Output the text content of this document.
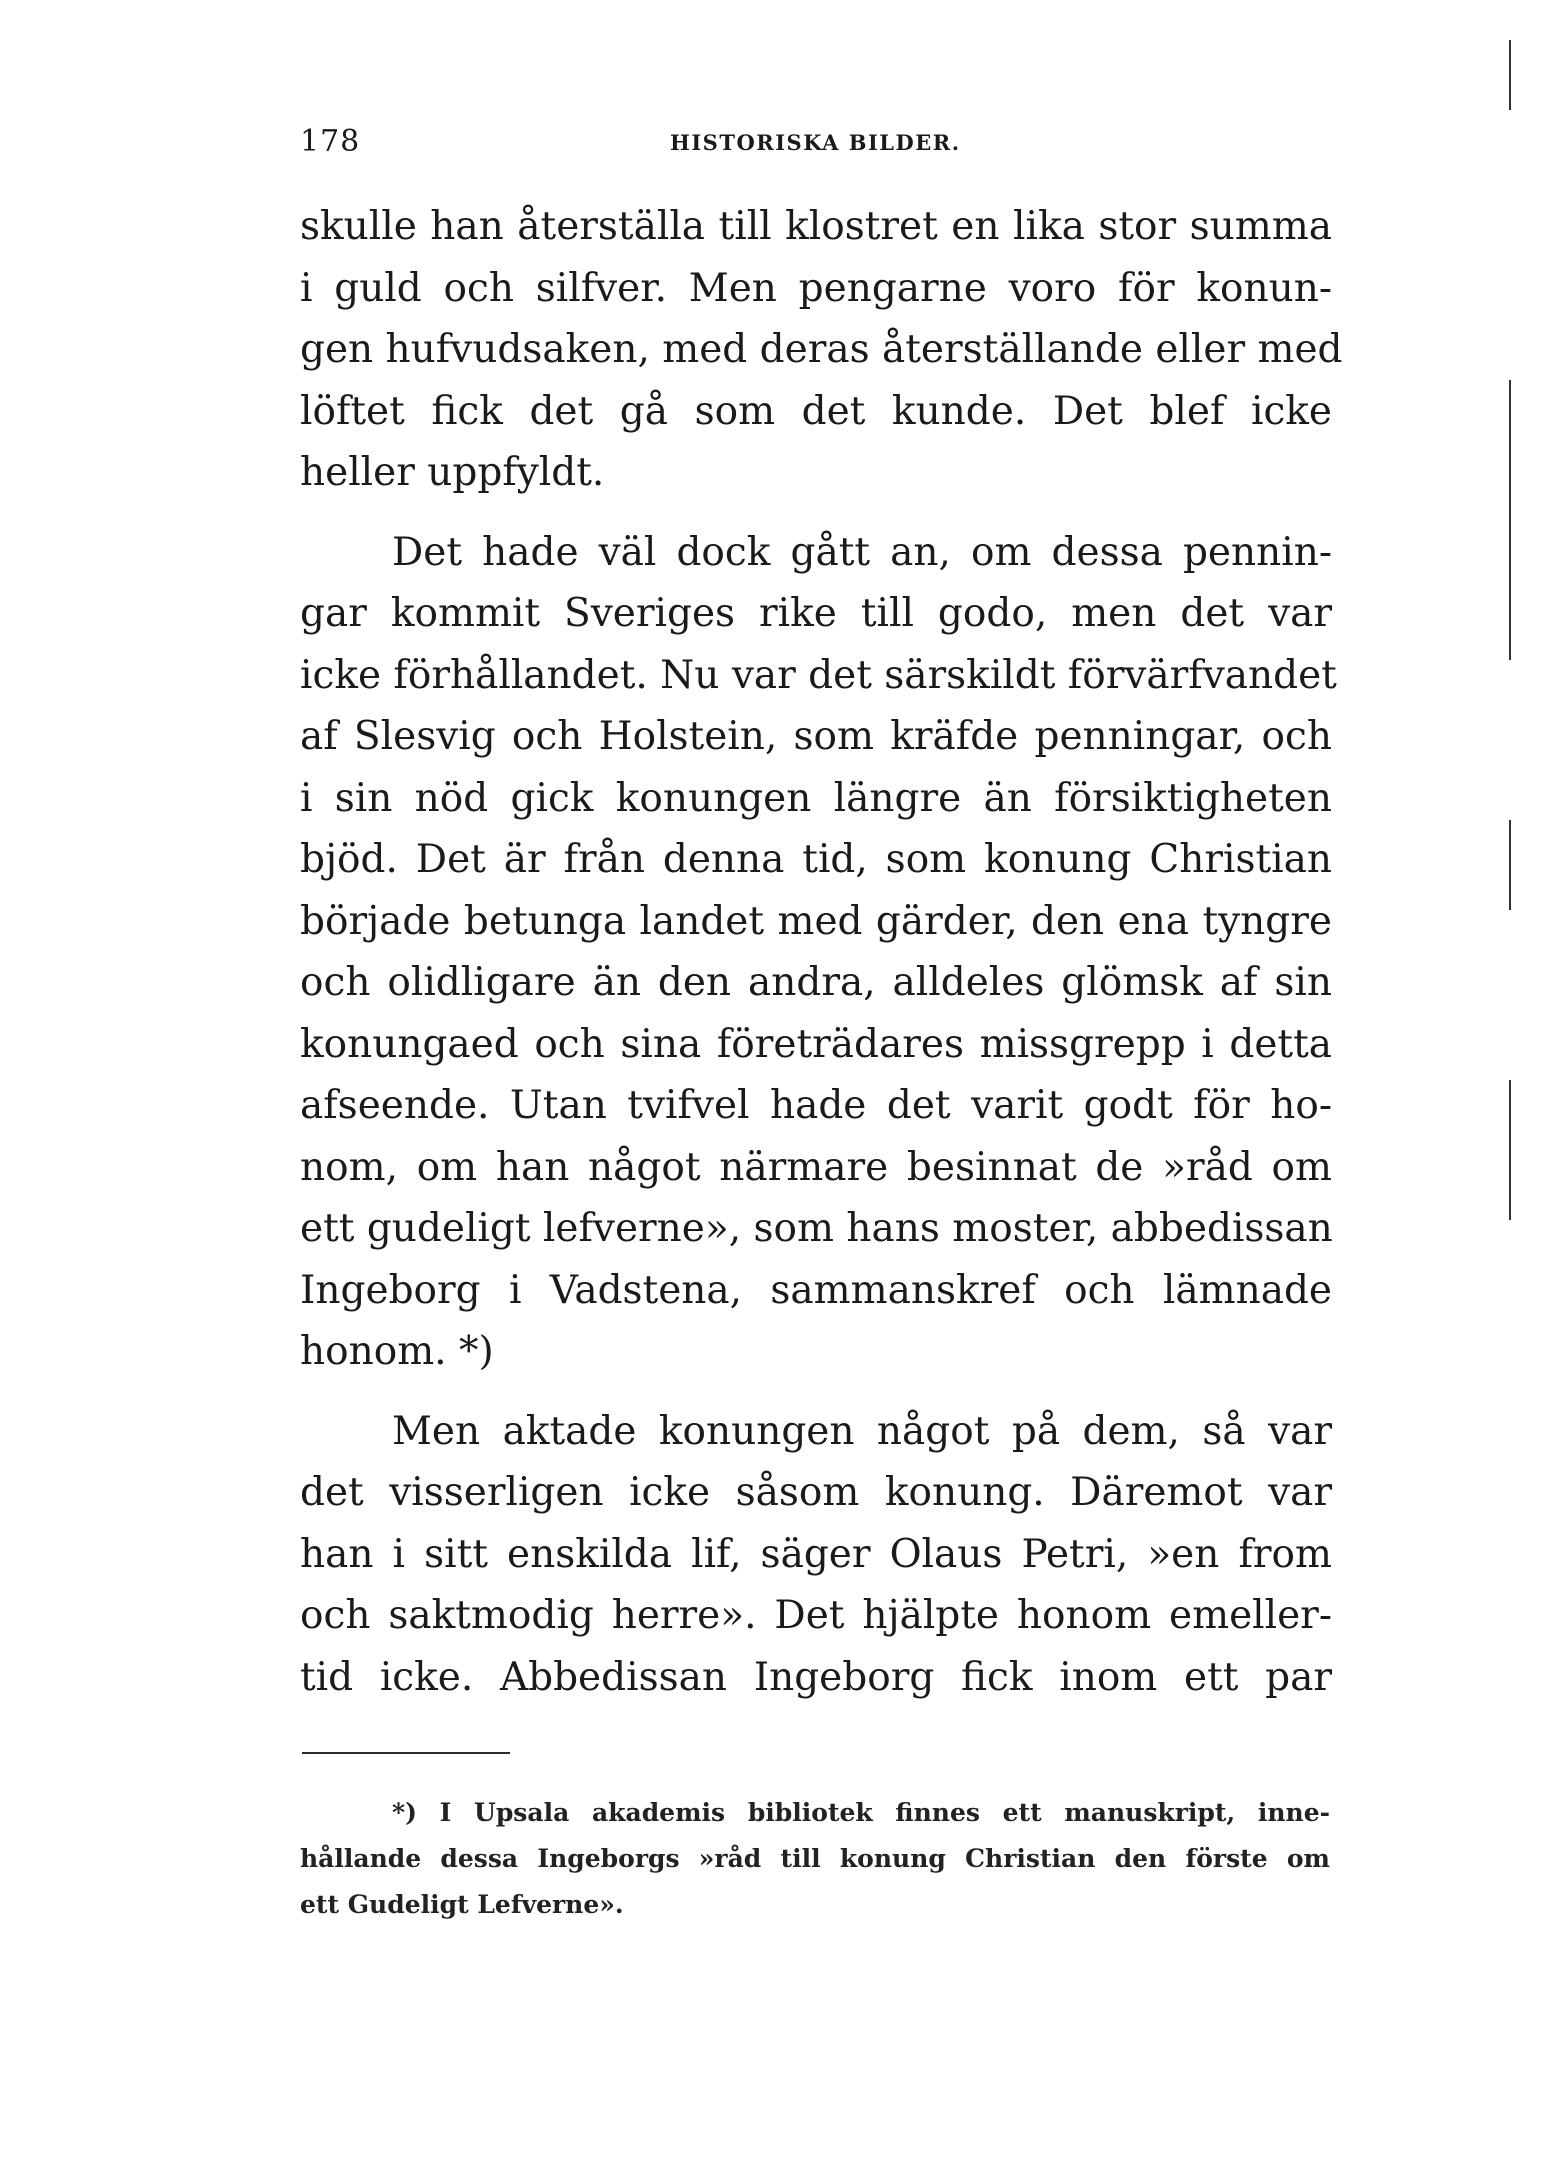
178	HISTORISKA BILDER.
skulle han återställa till klostret en lika stor summa
i guld och silfver. Men pengarne voro för konun-
gen hufvudsaken, med deras återställande eller med
löftet fick det gå som det kunde. Det blef icke
heller uppfyldt.
Det hade väl dock gått an, om dessa pennin-
gar kommit Sveriges rike till godo, men det var
icke förhållandet. Nu var det särskildt förvärfvandet
af Slesvig och Holstein, som kräfde penningar, och
i sin nöd gick konungen längre än försiktigheten
bjöd. Det är från denna tid, som konung Christian
började betunga landet med gärder, den ena tyngre
och olidligare än den andra, alldeles glömsk af sin
konungaed och sina företrädares missgrepp i detta
afseende. Utan tvifvel hade det varit godt för ho-
nom, om han något närmare besinnat de »råd om
ett gudeligt lefverne», som hans moster, abbedissan
Ingeborg i Vadstena, sammanskref och lämnade
honom. *)
Men aktade konungen något på dem, så var
det visserligen icke såsom konung. Däremot var
han i sitt enskilda lif, säger Olaus Petri, »en from
och saktmodig herre». Det hjälpte honom emeller-
tid icke. Abbedissan Ingeborg fick inom ett par
*) I Upsala akademis bibliotek finnes ett manuskript, inne-
hållande dessa Ingeborgs »råd till konung Christian den förste om
ett Gudeligt Lefverne».
